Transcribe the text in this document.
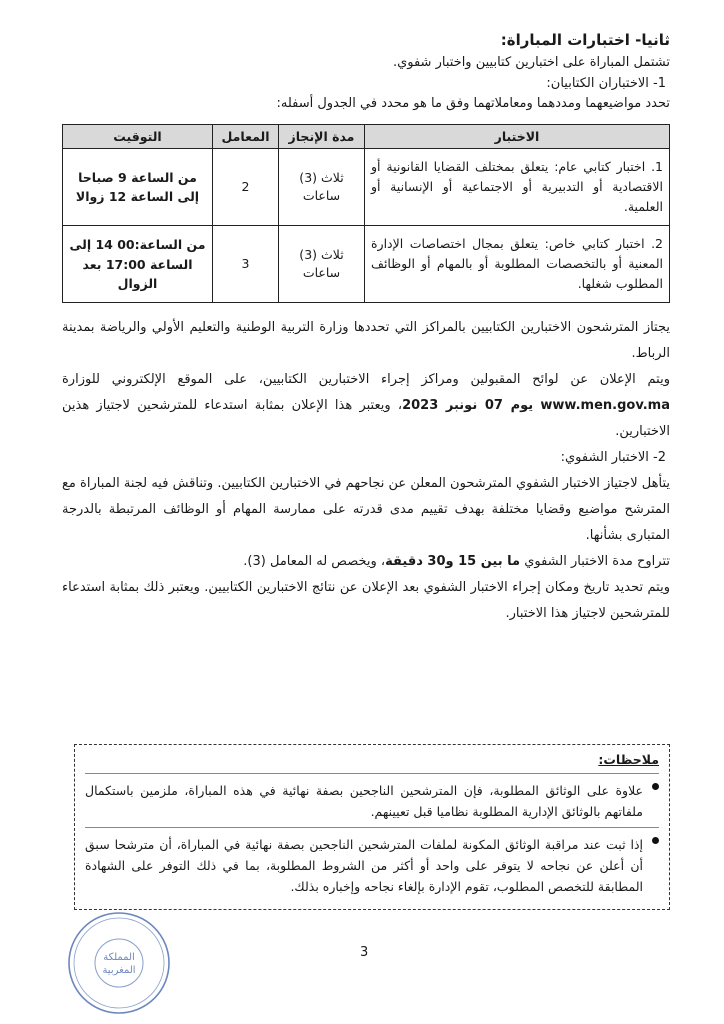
ثانيا- اختبارات المباراة:
تشتمل المباراة على اختبارين كتابيين واختبار شفوي.
1- الاختباران الكتابيان:
تحدد مواضيعهما ومددهما ومعاملاتهما وفق ما هو محدد في الجدول أسفله:
الاختبار	مدة الإنجاز	المعامل	التوقيت
1. اختبار كتابي عام: يتعلق بمختلف القضايا القانونية أو الاقتصادية أو التدبيرية أو الاجتماعية أو الإنسانية أو العلمية.	ثلاث (3) ساعات	2	من الساعة 9 صباحا إلى الساعة 12 زوالا
2. اختبار كتابي خاص: يتعلق بمجال اختصاصات الإدارة المعنية أو بالتخصصات المطلوبة أو بالمهام أو الوظائف المطلوب شغلها.	ثلاث (3) ساعات	3	من الساعة:00 14 إلى الساعة 17:00 بعد الزوال
يجتاز المترشحون الاختبارين الكتابيين بالمراكز التي تحددها وزارة التربية الوطنية والتعليم الأولي والرياضة بمدينة الرباط.
ويتم الإعلان عن لوائح المقبولين ومراكز إجراء الاختبارين الكتابيين، على الموقع الإلكتروني للوزارة www.men.gov.ma يوم 07 نونبر 2023، ويعتبر هذا الإعلان بمثابة استدعاء للمترشحين لاجتياز هذين الاختبارين.
2- الاختبار الشفوي:
يتأهل لاجتياز الاختبار الشفوي المترشحون المعلن عن نجاحهم في الاختبارين الكتابيين. وتناقش فيه لجنة المباراة مع المترشح مواضيع وقضايا مختلفة بهدف تقييم مدى قدرته على ممارسة المهام أو الوظائف المرتبطة بالدرجة المتبارى بشأنها.
تتراوح مدة الاختبار الشفوي ما بين 15 و30 دقيقة، ويخصص له المعامل (3).
ويتم تحديد تاريخ ومكان إجراء الاختبار الشفوي بعد الإعلان عن نتائج الاختبارين الكتابيين. ويعتبر ذلك بمثابة استدعاء للمترشحين لاجتياز هذا الاختبار.
ملاحظات:
علاوة على الوثائق المطلوبة، فإن المترشحين الناجحين بصفة نهائية في هذه المباراة، ملزمين باستكمال ملفاتهم بالوثائق الإدارية المطلوبة نظاميا قبل تعيينهم.
إذا ثبت عند مراقبة الوثائق المكونة لملفات المترشحين الناجحين بصفة نهائية في المباراة، أن مترشحا سبق أن أعلن عن نجاحه لا يتوفر على واحد أو أكثر من الشروط المطلوبة، بما في ذلك التوفر على الشهادة المطابقة للتخصص المطلوب، تقوم الإدارة بإلغاء نجاحه وإخباره بذلك.
3
المملكة
المغربية
